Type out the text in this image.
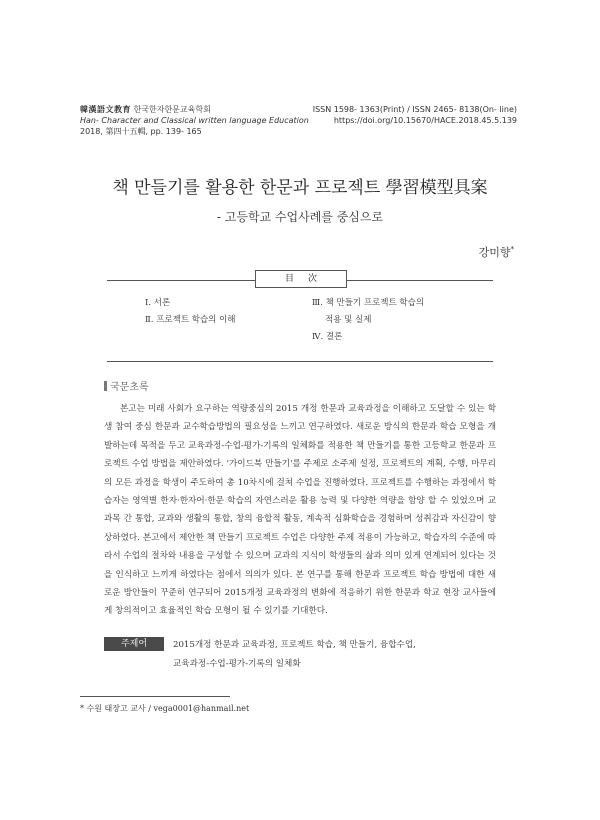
韓漢語文教育 한국한자한문교육학회
Han- Character and Classical written language Education
2018, 第四十五輯, pp. 139- 165
ISSN 1598- 1363(Print) / ISSN 2465- 8138(On- line)
https://doi.org/10.15670/HACE.2018.45.5.139
책 만들기를 활용한 한문과 프로젝트 學習模型具案
- 고등학교 수업사례를 중심으로
강미향*
目次
Ⅰ. 서론
Ⅱ. 프로젝트 학습의 이해
Ⅲ. 책 만들기 프로젝트 학습의
적용 및 실제
Ⅳ. 결론
국문초록

본고는 미래 사회가 요구하는 역량중심의 2015 개정 한문과 교육과정을 이해하고 도달할 수 있는 학생 참여 중심 한문과 교수학습방법의 필요성을 느끼고 연구하였다. 새로운 방식의 한문과 학습 모형을 개발하는데 목적을 두고 교육과정-수업-평가-기록의 일체화를 적용한 책 만들기를 통한 고등학교 한문과 프로젝트 수업 방법을 제안하였다. '가이드북 만들기'를 주제로 소주제 설정, 프로젝트의 계획, 수행, 마무리의 모든 과정을 학생이 주도하여 총 10차시에 걸쳐 수업을 진행하였다. 프로젝트를 수행하는 과정에서 학습자는 영역별 한자·한자어·한문 학습의 자연스러운 활용 능력 및 다양한 역량을 함양 할 수 있었으며 교과목 간 통합, 교과와 생활의 통합, 창의 융합적 활동, 계속적 심화학습을 경험하며 성취감과 자신감이 향상하였다. 본고에서 제안한 책 만들기 프로젝트 수업은 다양한 주제 적용이 가능하고, 학습자의 수준에 따라서 수업의 절차와 내용을 구성할 수 있으며 교과의 지식이 학생들의 삶과 의미 있게 연계되어 있다는 것을 인식하고 느끼게 하였다는 점에서 의의가 있다. 본 연구를 통해 한문과 프로젝트 학습 방법에 대한 새로운 방안들이 꾸준히 연구되어 2015개정 교육과정의 변화에 적응하기 위한 한문과 학교 현장 교사들에게 창의적이고 효율적인 학습 모형이 될 수 있기를 기대한다.

주제어	2015개정 한문과 교육과정, 프로젝트 학습, 책 만들기, 융합수업,
교육과정-수업-평가-기록의 일체화
* 수원 태장고 교사 / vega0001@hanmail.net
